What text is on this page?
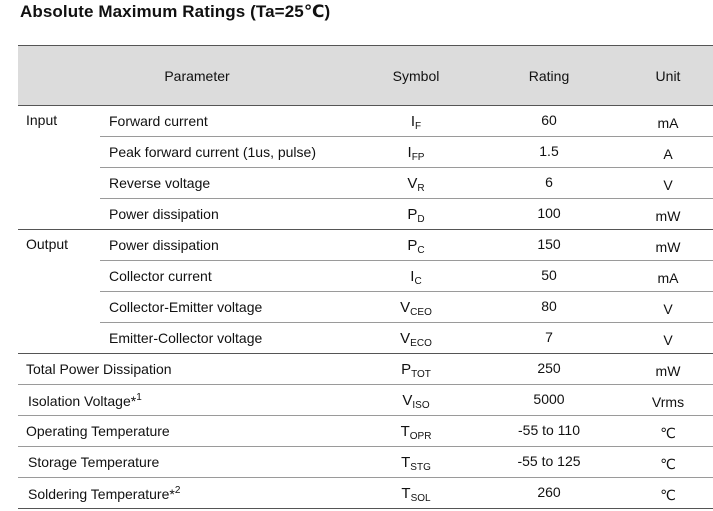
Absolute Maximum Ratings (Ta=25℃)
Parameter	Symbol	Rating	Unit
Input	Forward current	$I_F$	60	mA
Peak forward current (1us, pulse)	$I_{FP}$	1.5	A
Reverse voltage	$V_R$	6	V
Power dissipation	$P_D$	100	mW
Output	Power dissipation	$P_C$	150	mW
Collector current	$I_C$	50	mA
Collector-Emitter voltage	$V_{CEO}$	80	V
Emitter-Collector voltage	$V_{ECO}$	7	V
Total Power Dissipation	$P_{TOT}$	250	mW
Isolation Voltage*$^1$	$V_{ISO}$	5000	Vrms
Operating Temperature	$T_{OPR}$	-55 to 110	℃
Storage Temperature	$T_{STG}$	-55 to 125	℃
Soldering Temperature*$^2$	$T_{SOL}$	260	℃
